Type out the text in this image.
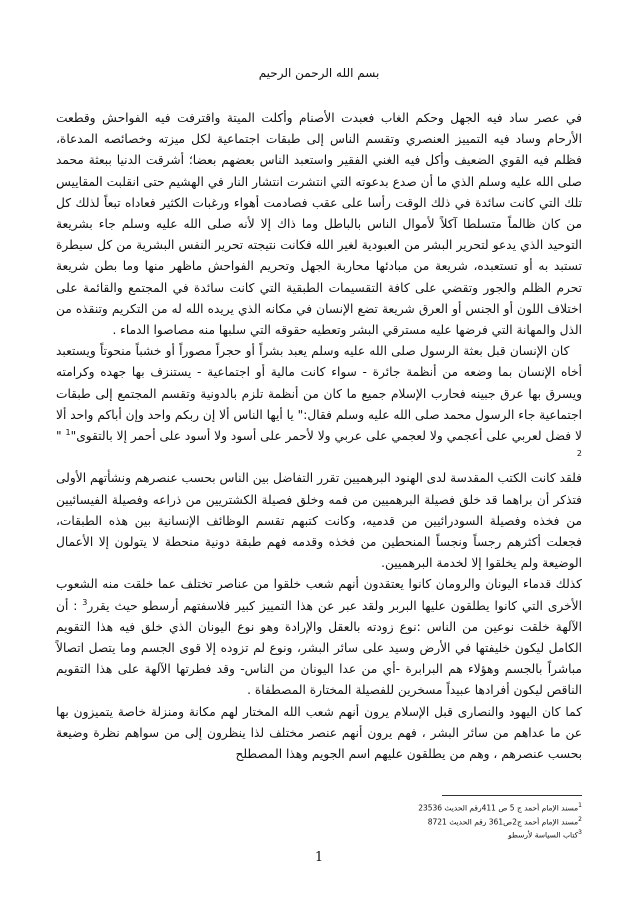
بسم الله الرحمن الرحيم

في عصر ساد فيه الجهل وحكم الغاب فعبدت الأصنام وأكلت الميتة واقترفت فيه الفواحش وقطعت الأرحام وساد فيه التمييز العنصري وتقسم الناس إلى طبقات اجتماعية لكل ميزته وخصائصه المدعاة، فظلم فيه القوي الضعيف وأكل فيه الغني الفقير واستعبد الناس بعضهم بعضا؛ أشرقت الدنيا ببعثة محمد صلى الله عليه وسلم الذي ما أن صدع بدعوته التي انتشرت انتشار النار في الهشيم حتى انقلبت المقاييس تلك التي كانت سائدة في ذلك الوقت رأسا على عقب فصادمت أهواء ورغبات الكثير فعاداه تبعاً لذلك كل من كان ظالماً متسلطا آكلاً لأموال الناس بالباطل وما ذاك إلا لأنه صلى الله عليه وسلم جاء بشريعة التوحيد الذي يدعو لتحرير البشر من العبودية لغير الله فكانت نتيجته تحرير النفس البشرية من كل سيطرة تستبد به أو تستعبده، شريعة من مبادئها محاربة الجهل وتحريم الفواحش ماظهر منها وما بطن شريعة تحرم الظلم والجور وتقضي على كافة التقسيمات الطبقية التي كانت سائدة في المجتمع والقائمة على اختلاف اللون أو الجنس أو العرق شريعة تضع الإنسان في مكانه الذي يريده الله له من التكريم وتنقذه من الذل والمهانة التي فرضها عليه مسترقي البشر وتعطيه حقوقه التي سلبها منه مصاصوا الدماء .

كان الإنسان قبل بعثة الرسول صلى الله عليه وسلم يعبد بشراً أو حجراً مصوراً أو خشباً منحوتاً ويستعبد أخاه الإنسان بما وضعه من أنظمة جائرة - سواء كانت مالية أو اجتماعية - يستنزف بها جهده وكرامته ويسرق بها عرق جبينه فحارب الإسلام جميع ما كان من أنظمة تلزم بالدونية وتقسم المجتمع إلى طبقات اجتماعية جاء الرسول محمد صلى الله عليه وسلم فقال:" يا أيها الناس ألا إن ربكم واحد وإن أباكم واحد ألا لا فضل لعربي على أعجمي ولا لعجمي على عربي ولا لأحمر على أسود ولا أسود على أحمر إلا بالتقوى"$^1$ " $^2$

فلقد كانت الكتب المقدسة لدى الهنود البرهميين تقرر التفاضل بين الناس بحسب عنصرهم ونشأتهم الأولى فتذكر أن براهما قد خلق فصيلة البرهميين من فمه وخلق فصيلة الكشتريين من ذراعه وفصيلة الفيسائيين من فخذه وفصيلة السودرائيين من قدميه، وكانت كتبهم تقسم الوظائف الإنسانية بين هذه الطبقات، فجعلت أكثرهم رجساً ونجساً المنحطين من فخذه وقدمه فهم طبقة دونية منحطة لا يتولون إلا الأعمال الوضيعة ولم يخلقوا إلا لخدمة البرهميين.

كذلك قدماء اليونان والرومان كانوا يعتقدون أنهم شعب خلقوا من عناصر تختلف عما خلقت منه الشعوب الأخرى التي كانوا يطلقون عليها البربر ولقد عبر عن هذا التمييز كبير فلاسفتهم أرسطو حيث يقرر$^3$ : أن الآلهة خلقت نوعين من الناس :نوع زودته بالعقل والإرادة وهو نوع اليونان الذي خلق فيه هذا التقويم الكامل ليكون خليفتها في الأرض وسيد على سائر البشر، ونوع لم تزوده إلا قوى الجسم وما يتصل اتصالاً مباشراً بالجسم وهؤلاء هم البرابرة -أي من عدا اليونان من الناس- وقد فطرتها الآلهة على هذا التقويم الناقص ليكون أفرادها عبيداً مسخرين للفصيلة المختارة المصطفاة .

كما كان اليهود والنصارى قبل الإسلام يرون أنهم شعب الله المختار لهم مكانة ومنزلة خاصة يتميزون بها عن ما عداهم من سائر البشر ، فهم يرون أنهم عنصر مختلف لذا ينظرون إلى من سواهم نظرة وضيعة بحسب عنصرهم ، وهم من يطلقون عليهم اسم الجويم وهذا المصطلح

$^1$مسند الإمام أحمد ج 5 ص 411رقم الحديث 23536
$^2$مسند الإمام أحمد ج2ص361 رقم الحديث 8721
$^3$كتاب السياسة لأرسطو
1
